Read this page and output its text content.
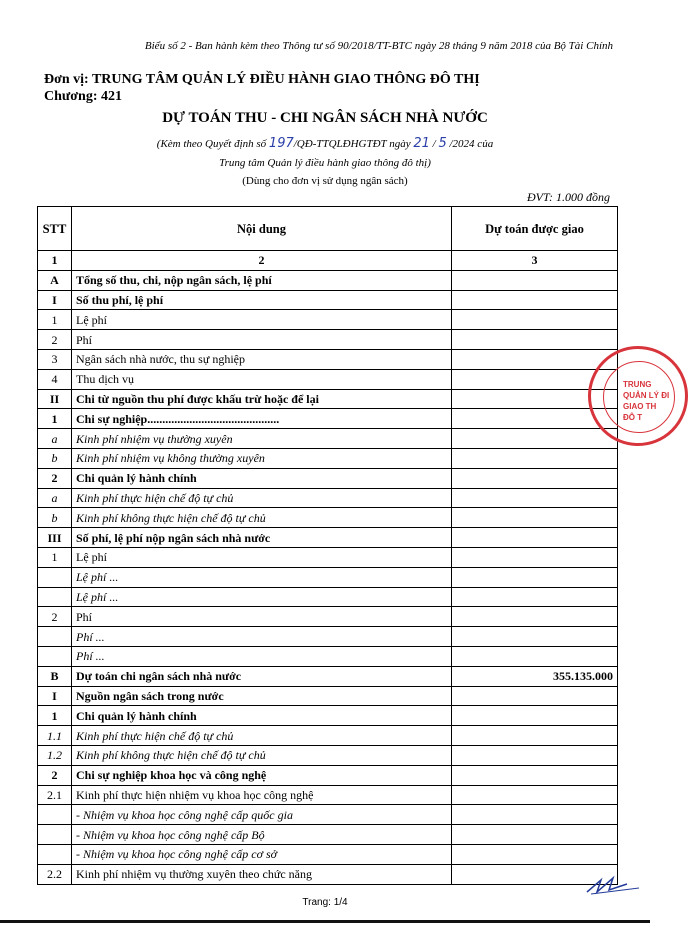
Biểu số 2 - Ban hành kèm theo Thông tư số 90/2018/TT-BTC ngày 28 tháng 9 năm 2018 của Bộ Tài Chính
Đơn vị: TRUNG TÂM QUẢN LÝ ĐIỀU HÀNH GIAO THÔNG ĐÔ THỊ
Chương: 421
DỰ TOÁN THU - CHI NGÂN SÁCH NHÀ NƯỚC
(Kèm theo Quyết định số 197/QĐ-TTQLĐHGTĐT ngày 21 / 5 /2024 của
Trung tâm Quản lý điều hành giao thông đô thị)
(Dùng cho đơn vị sử dụng ngân sách)
ĐVT: 1.000 đồng
STT	Nội dung	Dự toán được giao
1	2	3
A	Tổng số thu, chi, nộp ngân sách, lệ phí	
I	Số thu phí, lệ phí	
1	Lệ phí	
2	Phí	
3	Ngân sách nhà nước, thu sự nghiệp	
4	Thu dịch vụ	
II	Chi từ nguồn thu phí được khấu trừ hoặc để lại	
1	Chi sự nghiệp............................................	
a	Kinh phí nhiệm vụ thường xuyên	
b	Kinh phí nhiệm vụ không thường xuyên	
2	Chi quản lý hành chính	
a	Kinh phí thực hiện chế độ tự chủ	
b	Kinh phí không thực hiện chế độ tự chủ	
III	Số phí, lệ phí nộp ngân sách nhà nước	
1	Lệ phí	
	Lệ phí ...	
	Lệ phí ...	
2	Phí	
	Phí ...	
	Phí ...	
B	Dự toán chi ngân sách nhà nước	355.135.000
I	Nguồn ngân sách trong nước	
1	Chi quản lý hành chính	
1.1	Kinh phí thực hiện chế độ tự chủ	
1.2	Kinh phí không thực hiện chế độ tự chủ	
2	Chi sự nghiệp khoa học và công nghệ	
2.1	Kinh phí thực hiện nhiệm vụ khoa học công nghệ	
	- Nhiệm vụ khoa học công nghệ cấp quốc gia	
	- Nhiệm vụ khoa học công nghệ cấp Bộ	
	- Nhiệm vụ khoa học công nghệ cấp cơ sở	
2.2	Kinh phí nhiệm vụ thường xuyên theo chức năng	
TRUNG
QUẢN LÝ ĐI
GIAO TH
ĐÔ T
Trang: 1/4
